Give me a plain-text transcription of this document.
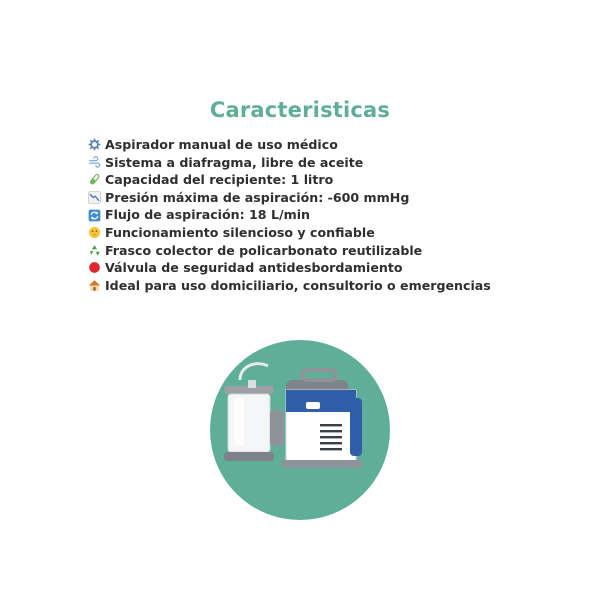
Caracteristicas
Aspirador manual de uso médico
Sistema a diafragma, libre de aceite
Capacidad del recipiente: 1 litro
Presión máxima de aspiración: -600 mmHg
Flujo de aspiración: 18 L/min
Funcionamiento silencioso y confiable
Frasco colector de policarbonato reutilizable
Válvula de seguridad antidesbordamiento
Ideal para uso domiciliario, consultorio o emergencias
